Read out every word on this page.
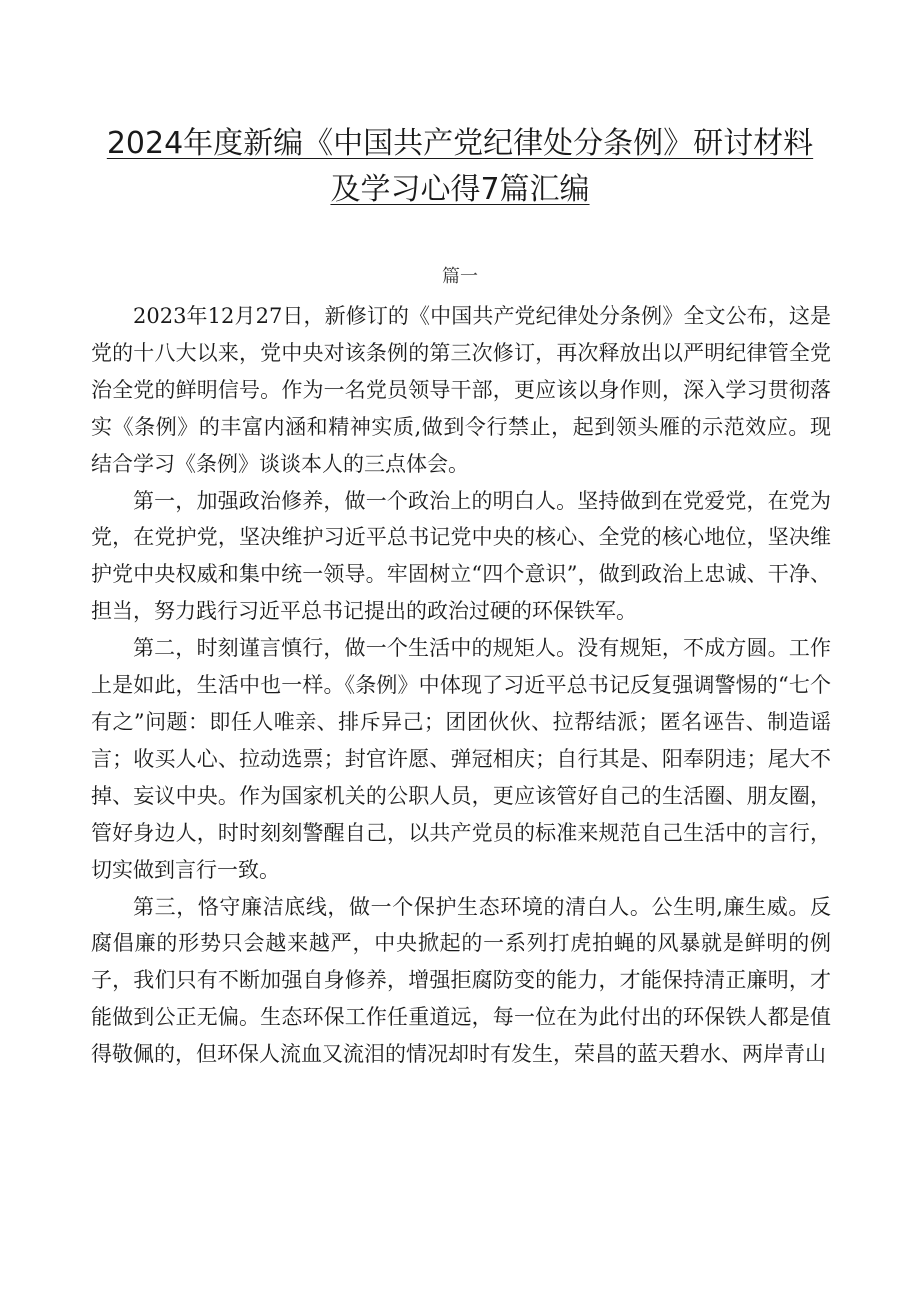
2024年度新编《中国共产党纪律处分条例》研讨材料
及学习心得7篇汇编
篇一

2023年12月27日，新修订的《中国共产党纪律处分条例》全文公布，这是党的十八大以来，党中央对该条例的第三次修订，再次释放出以严明纪律管全党治全党的鲜明信号。作为一名党员领导干部，更应该以身作则，深入学习贯彻落实《条例》的丰富内涵和精神实质,做到令行禁止，起到领头雁的示范效应。现结合学习《条例》谈谈本人的三点体会。

第一，加强政治修养，做一个政治上的明白人。坚持做到在党爱党，在党为党，在党护党，坚决维护习近平总书记党中央的核心、全党的核心地位，坚决维护党中央权威和集中统一领导。牢固树立“四个意识”，做到政治上忠诚、干净、担当，努力践行习近平总书记提出的政治过硬的环保铁军。

第二，时刻谨言慎行，做一个生活中的规矩人。没有规矩，不成方圆。工作上是如此，生活中也一样。《条例》中体现了习近平总书记反复强调警惕的“七个有之”问题：即任人唯亲、排斥异己；团团伙伙、拉帮结派；匿名诬告、制造谣言；收买人心、拉动选票；封官许愿、弹冠相庆；自行其是、阳奉阴违；尾大不掉、妄议中央。作为国家机关的公职人员，更应该管好自己的生活圈、朋友圈，管好身边人，时时刻刻警醒自己，以共产党员的标准来规范自己生活中的言行，切实做到言行一致。

第三，恪守廉洁底线，做一个保护生态环境的清白人。公生明,廉生威。反腐倡廉的形势只会越来越严，中央掀起的一系列打虎拍蝇的风暴就是鲜明的例子，我们只有不断加强自身修养，增强拒腐防变的能力，才能保持清正廉明，才能做到公正无偏。生态环保工作任重道远，每一位在为此付出的环保铁人都是值得敬佩的，但环保人流血又流泪的情况却时有发生，荣昌的蓝天碧水、两岸青山
